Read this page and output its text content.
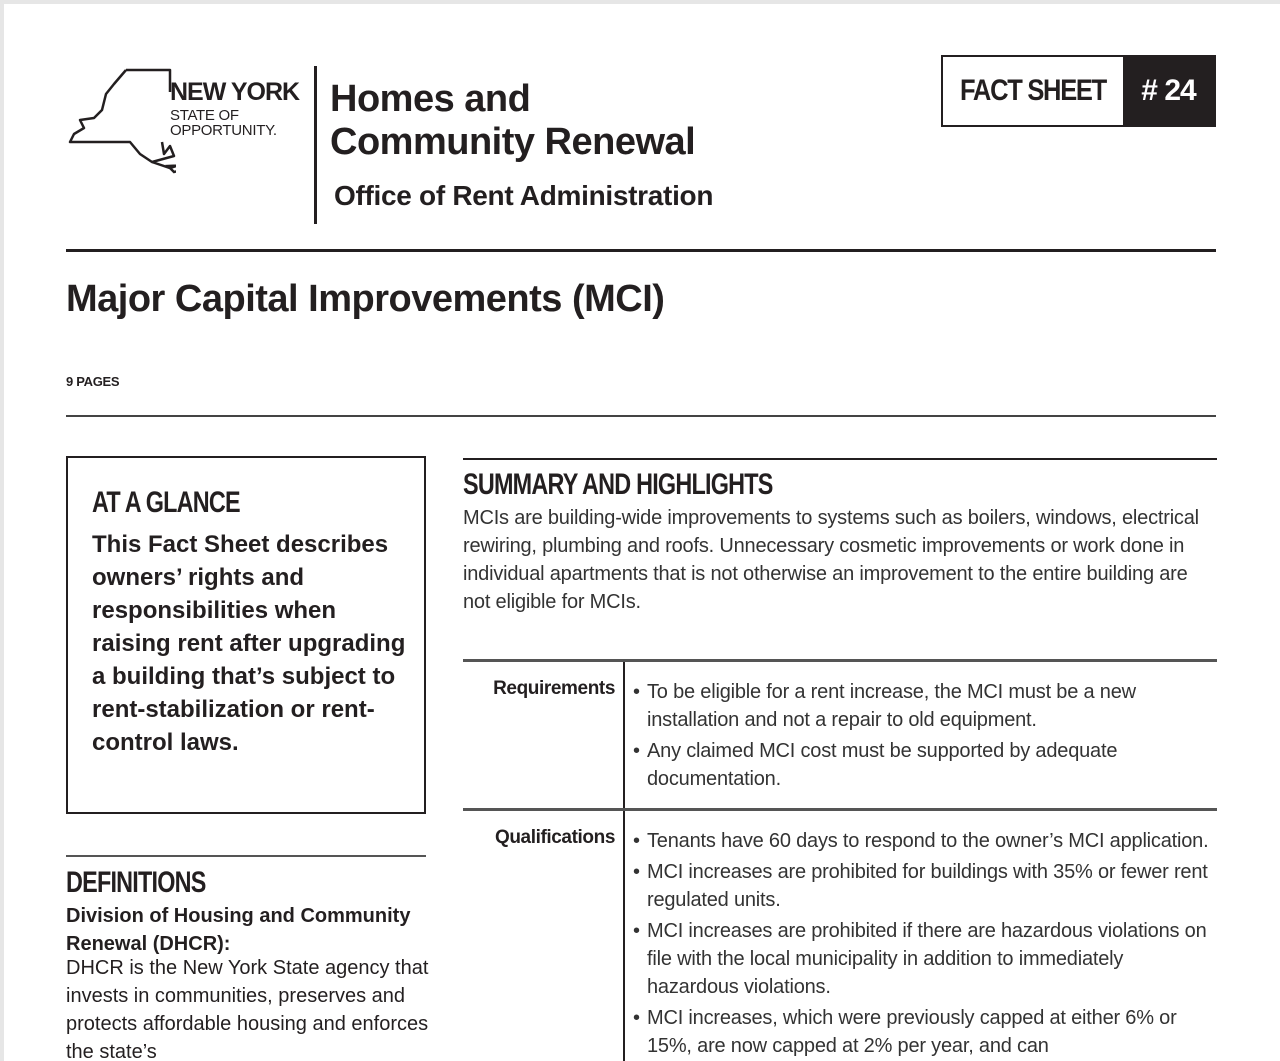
NEW YORK
STATE OF
OPPORTUNITY.
Homes and
Community Renewal
Office of Rent Administration
FACT SHEET	# 24
Major Capital Improvements (MCI)
9 PAGES
AT A GLANCE
This Fact Sheet describes owners’ rights and responsibilities when raising rent after upgrading a building that’s subject to rent-stabilization or rent-control laws.
DEFINITIONS
Division of Housing and Community Renewal (DHCR):
DHCR is the New York State agency that invests in communities, preserves and protects affordable housing and enforces the state’s
SUMMARY AND HIGHLIGHTS
MCIs are building-wide improvements to systems such as boilers, windows, electrical rewiring, plumbing and roofs. Unnecessary cosmetic improvements or work done in individual apartments that is not otherwise an improvement to the entire building are not eligible for MCIs.
Requirements	• To be eligible for a rent increase, the MCI must be a new installation and not a repair to old equipment.
• Any claimed MCI cost must be supported by adequate documentation.
Qualifications	• Tenants have 60 days to respond to the owner’s MCI application.
• MCI increases are prohibited for buildings with 35% or fewer rent regulated units.
• MCI increases are prohibited if there are hazardous violations on file with the local municipality in addition to immediately hazardous violations.
• MCI increases, which were previously capped at either 6% or 15%, are now capped at 2% per year, and can
